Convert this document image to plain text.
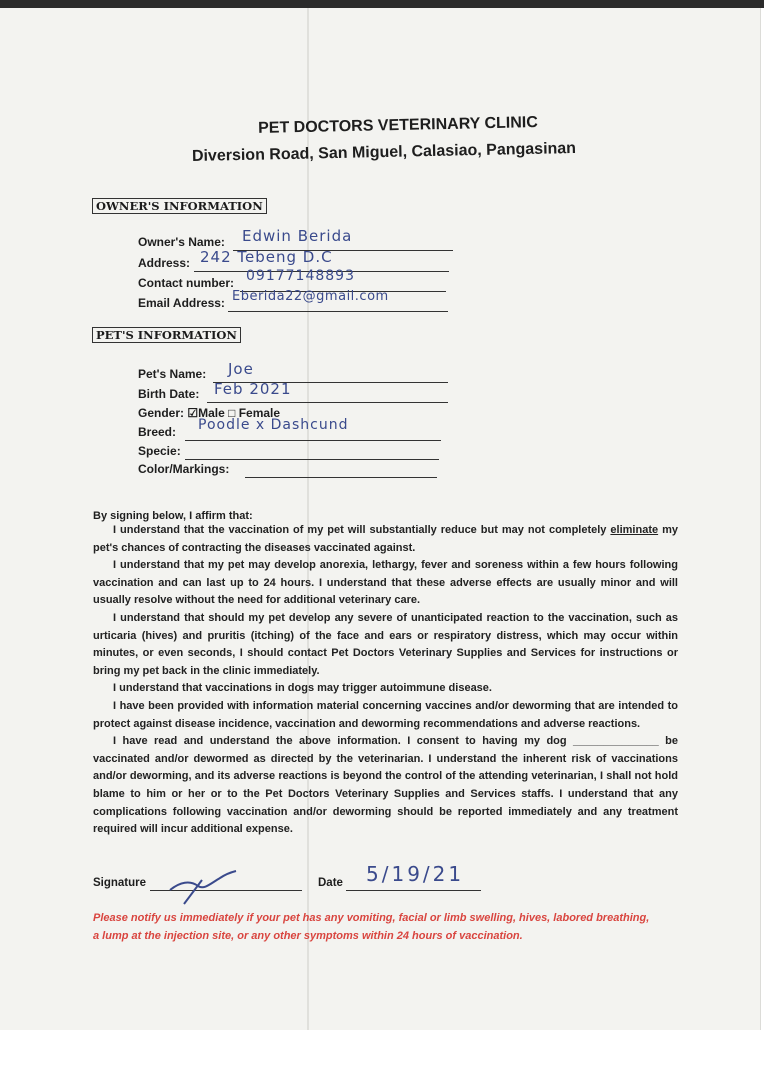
PET DOCTORS VETERINARY CLINIC
Diversion Road, San Miguel, Calasiao, Pangasinan
OWNER'S INFORMATION
Owner's Name: Edwin Berida
Address: 242 Tebeng D.C
Contact number: 09177148893
Email Address: Eberida22@gmail.com
PET'S INFORMATION
Pet's Name: Joe
Birth Date: Feb 2021
Gender: ☑Male □ Female
Breed: Poodle x Dashcund
Specie:
Color/Markings:
By signing below, I affirm that:

I understand that the vaccination of my pet will substantially reduce but may not completely eliminate my pet's chances of contracting the diseases vaccinated against.

I understand that my pet may develop anorexia, lethargy, fever and soreness within a few hours following vaccination and can last up to 24 hours. I understand that these adverse effects are usually minor and will usually resolve without the need for additional veterinary care.

I understand that should my pet develop any severe of unanticipated reaction to the vaccination, such as urticaria (hives) and pruritis (itching) of the face and ears or respiratory distress, which may occur within minutes, or even seconds, I should contact Pet Doctors Veterinary Supplies and Services for instructions or bring my pet back in the clinic immediately.

I understand that vaccinations in dogs may trigger autoimmune disease.

I have been provided with information material concerning vaccines and/or deworming that are intended to protect against disease incidence, vaccination and deworming recommendations and adverse reactions.

I have read and understand the above information. I consent to having my dog ______________ be vaccinated and/or dewormed as directed by the veterinarian. I understand the inherent risk of vaccinations and/or deworming, and its adverse reactions is beyond the control of the attending veterinarian, I shall not hold blame to him or her or to the Pet Doctors Veterinary Supplies and Services staffs. I understand that any complications following vaccination and/or deworming should be reported immediately and any treatment required will incur additional expense.

Signature	Date 5/19/21
Please notify us immediately if your pet has any vomiting, facial or limb swelling, hives, labored breathing, a lump at the injection site, or any other symptoms within 24 hours of vaccination.
